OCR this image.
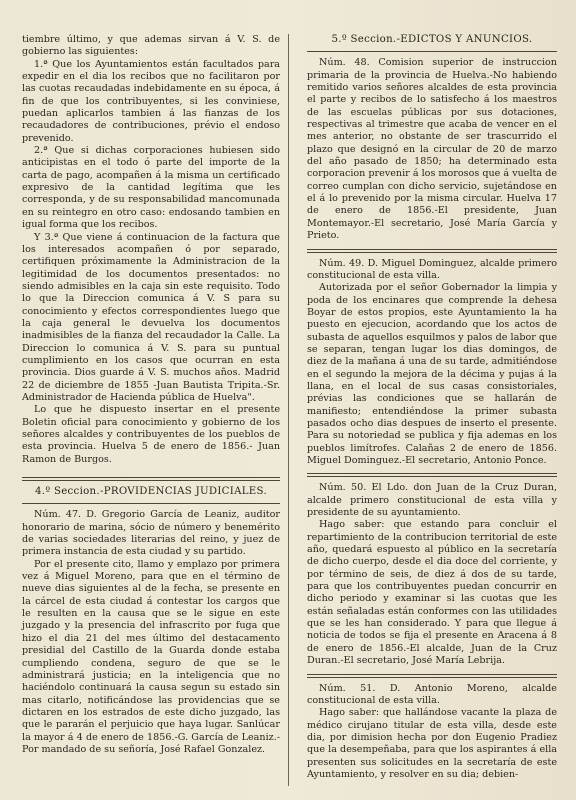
tiembre último, y que ademas sirvan á V. S. de gobierno las siguientes:

1.ª Que los Ayuntamientos están facultados para expedir en el dia los recibos que no facilitaron por las cuotas recaudadas indebidamente en su época, á fin de que los contribuyentes, si les conviniese, puedan aplicarlos tambien á las fianzas de los recaudadores de contribuciones, prévio el endoso prevenido.

2.ª Que si dichas corporaciones hubiesen sido anticipistas en el todo ó parte del importe de la carta de pago, acompañen á la misma un certificado expresivo de la cantidad legítima que les corresponda, y de su responsabilidad mancomunada en su reintegro en otro caso: endosando tambien en igual forma que los recibos.

Y 3.ª Que viene á continuacion de la factura que los interesados acompañen ó por separado, certifiquen próximamente la Administracion de la legitimidad de los documentos presentados: no siendo admisibles en la caja sin este requisito. Todo lo que la Direccion comunica á V. S para su conocimiento y efectos correspondientes luego que la caja general le devuelva los documentos inadmisibles de la fianza del recaudador la Calle. La Direccion lo comunica á V. S. para su puntual cumplimiento en los casos que ocurran en esta provincia. Dios guarde á V. S. muchos años. Madrid 22 de diciembre de 1855 -Juan Bautista Tripita.-Sr. Administrador de Hacienda pública de Huelva".

Lo que he dispuesto insertar en el presente Boletin oficial para conocimiento y gobierno de los señores alcaldes y contribuyentes de los pueblos de esta provincia. Huelva 5 de enero de 1856.- Juan Ramon de Burgos.

4.º Seccion.-PROVIDENCIAS JUDICIALES.

Núm. 47. D. Gregorio García de Leaniz, auditor honorario de marina, sócio de número y benemérito de varias sociedades literarias del reino, y juez de primera instancia de esta ciudad y su partido.

Por el presente cito, llamo y emplazo por primera vez á Miguel Moreno, para que en el término de nueve dias siguientes al de la fecha, se presente en la cárcel de esta ciudad á contestar los cargos que le resulten en la causa que se le sigue en este juzgado y la presencia del infrascrito por fuga que hizo el dia 21 del mes último del destacamento presidial del Castillo de la Guarda donde estaba cumpliendo condena, seguro de que se le administrará justicia; en la inteligencia que no haciéndolo continuará la causa segun su estado sin mas citarlo, notificándose las providencias que se dictaren en los estrados de este dicho juzgado, las que le pararán el perjuicio que haya lugar. Sanlúcar la mayor á 4 de enero de 1856.-G. García de Leaniz.-Por mandado de su señoría, José Rafael Gonzalez.

5.º Seccion.-EDICTOS Y ANUNCIOS.

Núm. 48. Comision superior de instruccion primaria de la provincia de Huelva.-No habiendo remitido varios señores alcaldes de esta provincia el parte y recibos de lo satisfecho á los maestros de las escuelas públicas por sus dotaciones, respectivas al trimestre que acaba de vencer en el mes anterior, no obstante de ser trascurrido el plazo que designó en la circular de 20 de marzo del año pasado de 1850; ha determinado esta corporacion prevenir á los morosos que á vuelta de correo cumplan con dicho servicio, sujetándose en el á lo prevenido por la misma circular. Huelva 17 de enero de 1856.-El presidente, Juan Montemayor.-El secretario, José María García y Prieto.

Núm. 49. D. Miguel Dominguez, alcalde primero constitucional de esta villa.

Autorizada por el señor Gobernador la limpia y poda de los encinares que comprende la dehesa Boyar de estos propios, este Ayuntamiento la ha puesto en ejecucion, acordando que los actos de subasta de aquellos esquilmos y palos de labor que se separan, tengan lugar los dias domingos, de diez de la mañana á una de su tarde, admitiéndose en el segundo la mejora de la décima y pujas á la llana, en el local de sus casas consistoriales, prévias las condiciones que se hallarán de manifiesto; entendiéndose la primer subasta pasados ocho dias despues de inserto el presente. Para su notoriedad se publica y fija ademas en los pueblos limítrofes. Calañas 2 de enero de 1856. Miguel Dominguez.-El secretario, Antonio Ponce.

Núm. 50. El Ldo. don Juan de la Cruz Duran, alcalde primero constitucional de esta villa y presidente de su ayuntamiento.

Hago saber: que estando para concluir el repartimiento de la contribucion territorial de este año, quedará espuesto al público en la secretaría de dicho cuerpo, desde el dia doce del corriente, y por término de seis, de diez á dos de su tarde, para que los contribuyentes puedan concurrir en dicho periodo y examinar si las cuotas que les están señaladas están conformes con las utilidades que se les han considerado. Y para que llegue á noticia de todos se fija el presente en Aracena á 8 de enero de 1856.-El alcalde, Juan de la Cruz Duran.-El secretario, José María Lebrija.

Núm. 51. D. Antonio Moreno, alcalde constitucional de esta villa.

Hago saber: que hallándose vacante la plaza de médico cirujano titular de esta villa, desde este dia, por dimision hecha por don Eugenio Pradiez que la desempeñaba, para que los aspirantes á ella presenten sus solicitudes en la secretaría de este Ayuntamiento, y resolver en su dia; debien-
